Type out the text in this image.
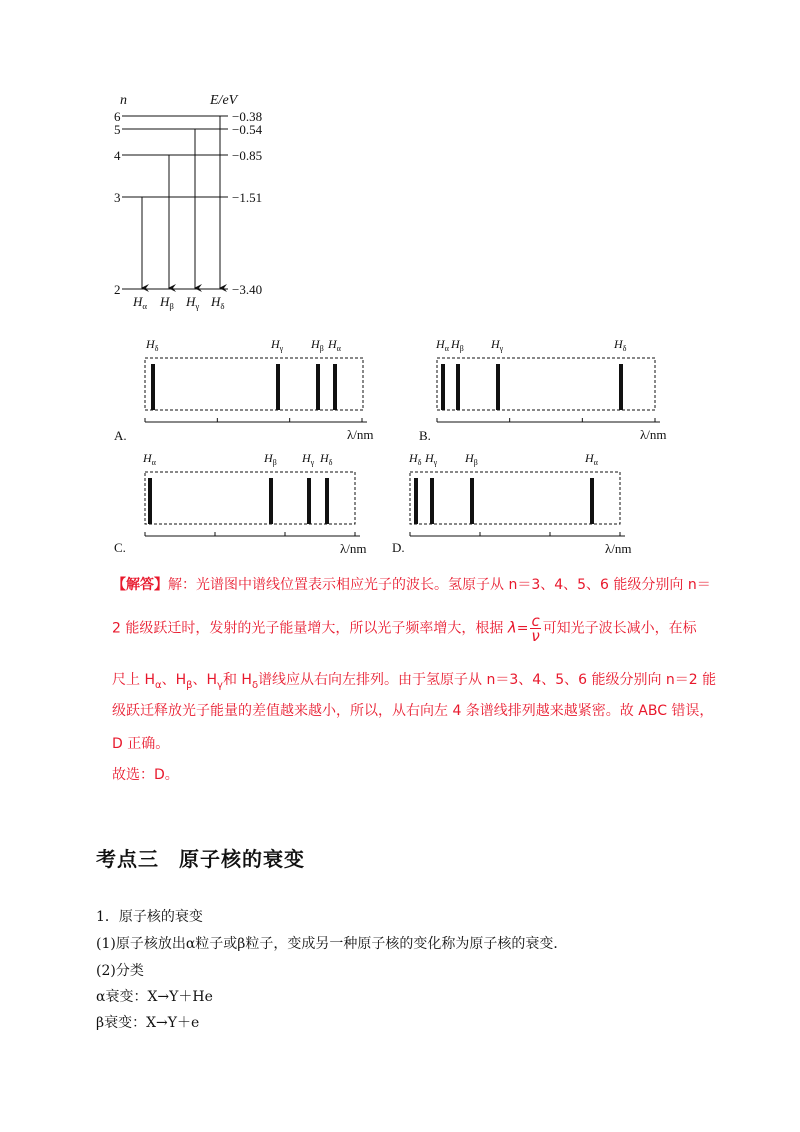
n	E/eV
6	−0.38
5	−0.54
4	−0.85
3	−1.51
2	−3.40
$H_\alpha$ $H_\beta$ $H_\gamma$ $H_\delta$
λ/nm
A.
$H_\delta$	$H_\gamma$ $H_\beta$ $H_\alpha$
λ/nm
B.
$H_\alpha$ $H_\beta$ $H_\gamma$	$H_\delta$
λ/nm
C.
$H_\alpha$	$H_\beta$ $H_\gamma$ $H_\delta$
λ/nm
D.
$H_\delta$ $H_\gamma$ $H_\beta$	$H_\alpha$
【解答】解：光谱图中谱线位置表示相应光子的波长。氢原子从 n＝3、4、5、6 能级分别向 n＝
2 能级跃迁时，发射的光子能量增大，所以光子频率增大，根据 $\lambda= \frac{c}{\nu}$ 可知光子波长减小，在标
尺上 $H_\alpha$、$H_\beta$、$H_\gamma$和 $H_\delta$谱线应从右向左排列。由于氢原子从 n＝3、4、5、6 能级分别向 n＝2 能
级跃迁释放光子能量的差值越来越小，所以，从右向左 4 条谱线排列越来越紧密。故 ABC 错误，
D 正确。
故选：D。
考点三 原子核的衰变
1．原子核的衰变
(1)原子核放出α粒子或β粒子，变成另一种原子核的变化称为原子核的衰变．
(2)分类
α衰变：X→Y＋He
β衰变：X→Y＋e
